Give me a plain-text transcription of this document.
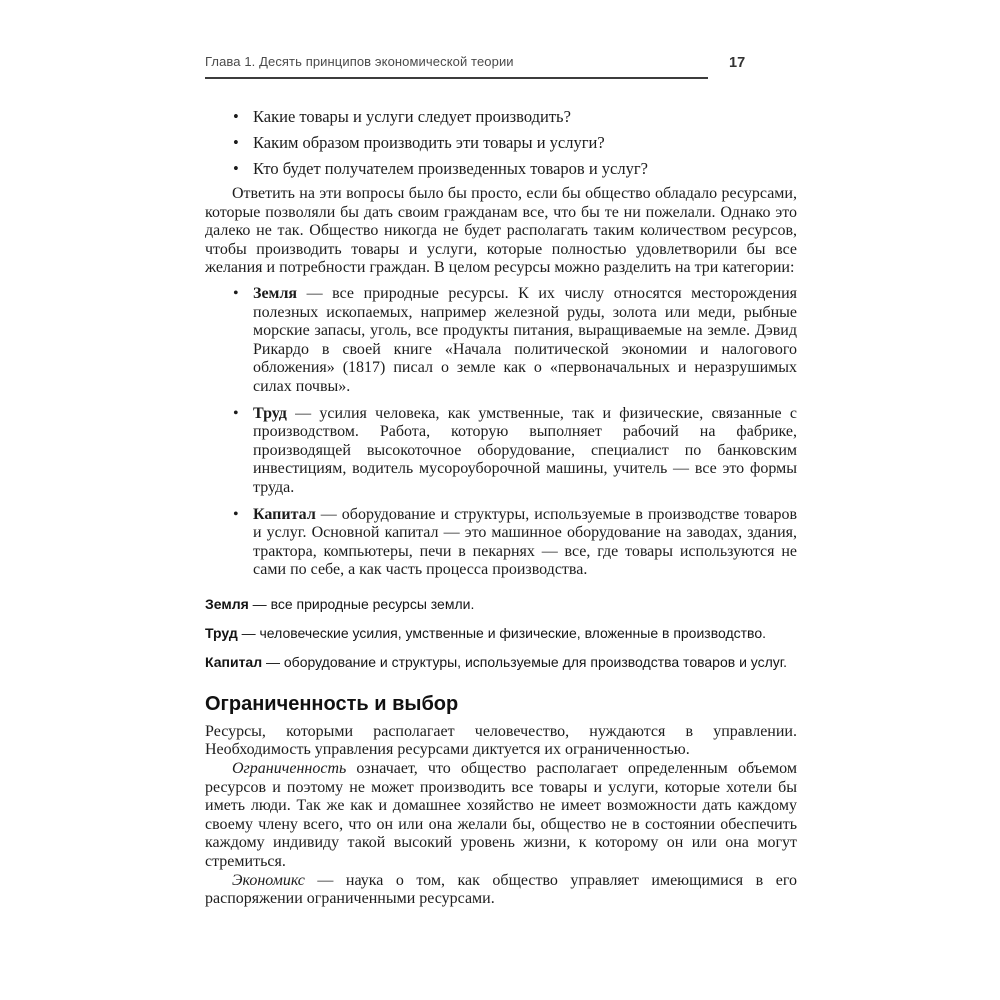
Глава 1. Десять принципов экономической теории	17
• Какие товары и услуги следует производить?
• Каким образом производить эти товары и услуги?
• Кто будет получателем произведенных товаров и услуг?

Ответить на эти вопросы было бы просто, если бы общество обладало ресурсами, которые позволяли бы дать своим гражданам все, что бы те ни пожелали. Однако это далеко не так. Общество никогда не будет располагать таким количеством ресурсов, чтобы производить товары и услуги, которые полностью удовлетворили бы все желания и потребности граждан. В целом ресурсы можно разделить на три категории:

• Земля — все природные ресурсы. К их числу относятся месторождения полезных ископаемых, например железной руды, золота или меди, рыбные морские запасы, уголь, все продукты питания, выращиваемые на земле. Дэвид Рикардо в своей книге «Начала политической экономии и налогового обложения» (1817) писал о земле как о «первоначальных и неразрушимых силах почвы».
• Труд — усилия человека, как умственные, так и физические, связанные с производством. Работа, которую выполняет рабочий на фабрике, производящей высокоточное оборудование, специалист по банковским инвестициям, водитель мусороуборочной машины, учитель — все это формы труда.
• Капитал — оборудование и структуры, используемые в производстве товаров и услуг. Основной капитал — это машинное оборудование на заводах, здания, трактора, компьютеры, печи в пекарнях — все, где товары используются не сами по себе, а как часть процесса производства.

Земля — все природные ресурсы земли.

Труд — человеческие усилия, умственные и физические, вложенные в производство.

Капитал — оборудование и структуры, используемые для производства товаров и услуг.

Ограниченность и выбор

Ресурсы, которыми располагает человечество, нуждаются в управлении. Необходимость управления ресурсами диктуется их ограниченностью.

Ограниченность означает, что общество располагает определенным объемом ресурсов и поэтому не может производить все товары и услуги, которые хотели бы иметь люди. Так же как и домашнее хозяйство не имеет возможности дать каждому своему члену всего, что он или она желали бы, общество не в состоянии обеспечить каждому индивиду такой высокий уровень жизни, к которому он или она могут стремиться.

Экономикс — наука о том, как общество управляет имеющимися в его распоряжении ограниченными ресурсами.
